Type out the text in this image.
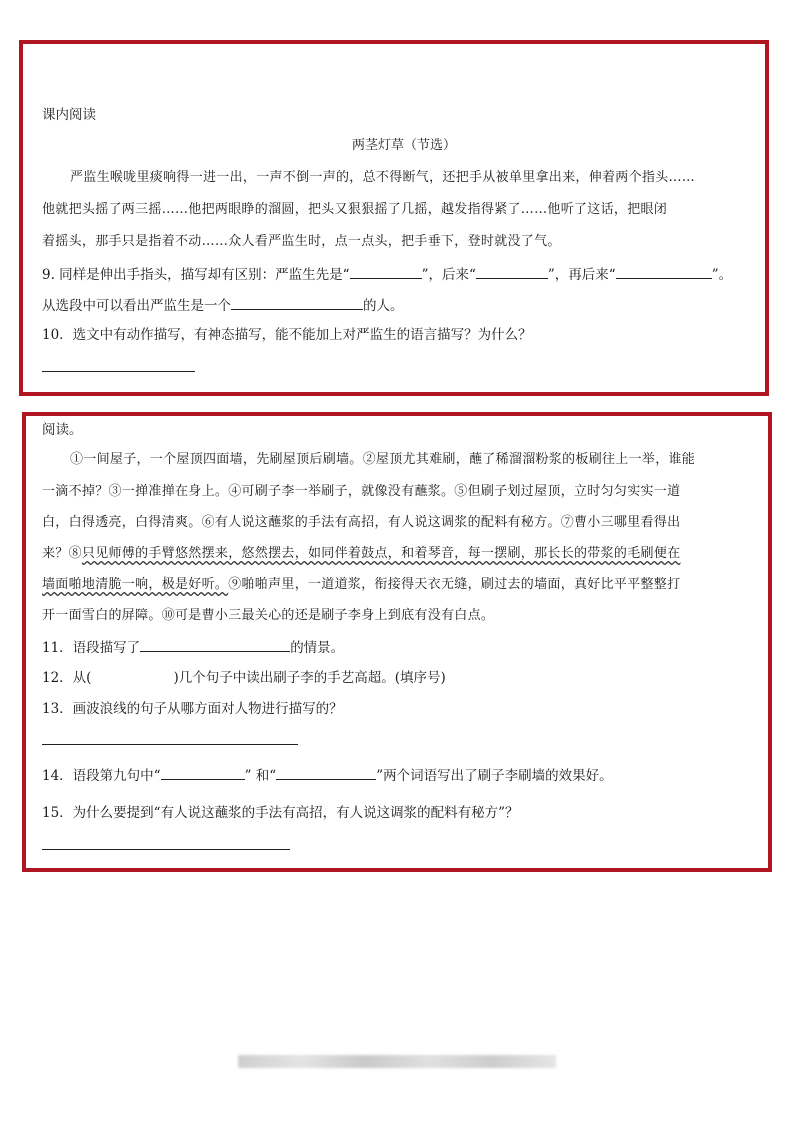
课内阅读
两茎灯草（节选）
严监生喉咙里痰响得一进一出，一声不倒一声的，总不得断气，还把手从被单里拿出来，伸着两个指头……
他就把头摇了两三摇……他把两眼睁的溜圆，把头又狠狠摇了几摇，越发指得紧了……他听了这话，把眼闭
着摇头，那手只是指着不动……众人看严监生时，点一点头，把手垂下，登时就没了气。
9. 同样是伸出手指头，描写却有区别：严监生先是“	”，后来“	”，再后来“	”。
从选段中可以看出严监生是一个	的人。
10．选文中有动作描写，有神态描写，能不能加上对严监生的语言描写？为什么？
阅读。
①一间屋子，一个屋顶四面墙，先刷屋顶后刷墙。②屋顶尤其难刷，蘸了稀溜溜粉浆的板刷往上一举，谁能
一滴不掉？③一掸准掸在身上。④可刷子李一举刷子，就像没有蘸浆。⑤但刷子划过屋顶，立时匀匀实实一道
白，白得透亮，白得清爽。⑥有人说这蘸浆的手法有高招，有人说这调浆的配料有秘方。⑦曹小三哪里看得出
来？⑧只见师傅的手臂悠然摆来，悠然摆去，如同伴着鼓点，和着琴音，每一摆刷，那长长的带浆的毛刷便在
墙面啪地清脆一响，极是好听。⑨啪啪声里，一道道浆，衔接得天衣无缝，刷过去的墙面，真好比平平整整打
开一面雪白的屏障。⑩可是曹小三最关心的还是刷子李身上到底有没有白点。
11．语段描写了	的情景。
12．从(	)几个句子中读出刷子李的手艺高超。(填序号)
13．画波浪线的句子从哪方面对人物进行描写的？
14．语段第九句中“	” 和“	”两个词语写出了刷子李刷墙的效果好。
15．为什么要提到“有人说这蘸浆的手法有高招，有人说这调浆的配料有秘方”？
